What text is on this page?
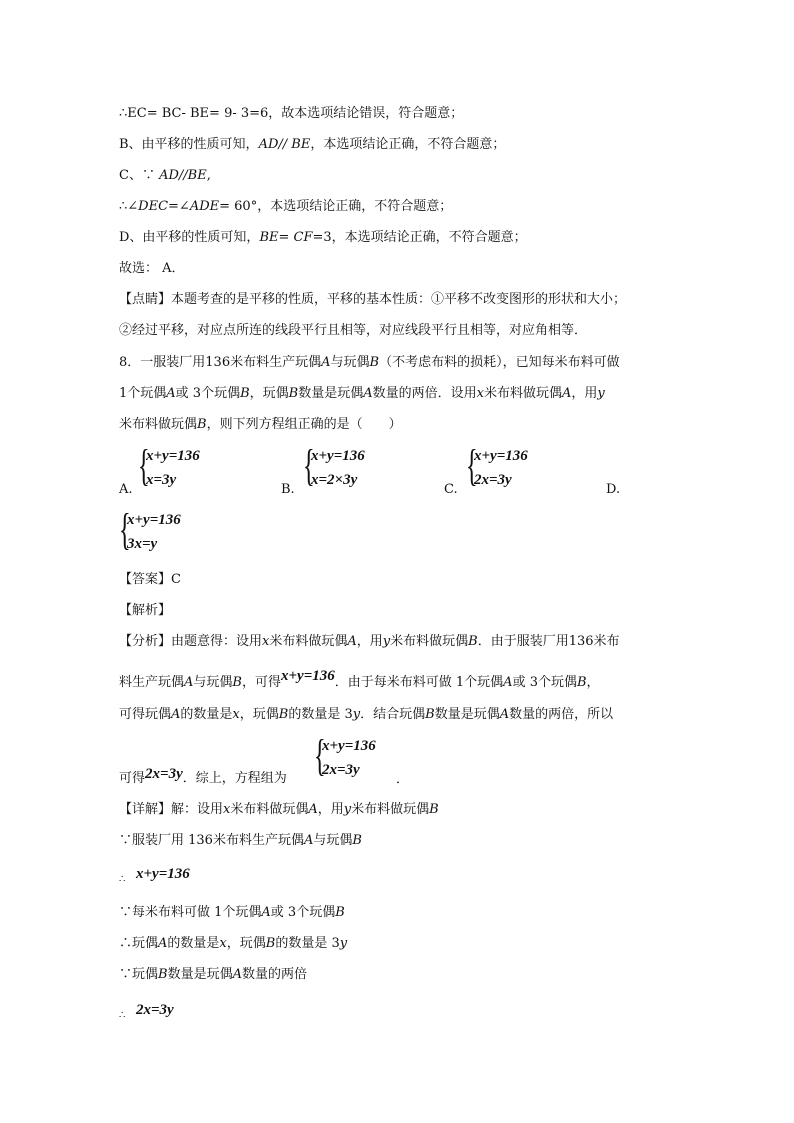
∴EC= BC- BE= 9- 3=6，故本选项结论错误，符合题意；
B、由平移的性质可知，AD// BE，本选项结论正确，不符合题意；
C、∵ AD//BE,
∴∠DEC=∠ADE= 60°，本选项结论正确，不符合题意；
D、由平移的性质可知，BE= CF=3，本选项结论正确，不符合题意；
故选： A．
【点睛】本题考查的是平移的性质，平移的基本性质：①平移不改变图形的形状和大小；
②经过平移，对应点所连的线段平行且相等，对应线段平行且相等，对应角相等．
8．一服装厂用136米布料生产玩偶A与玩偶B（不考虑布料的损耗），已知每米布料可做
1个玩偶A或 3个玩偶B，玩偶B数量是玩偶A数量的两倍．设用x米布料做玩偶A，用y
米布料做玩偶B，则下列方程组正确的是（　　）
A. {
x+y=136
x=3y
B. {
x+y=136
x=2×3y
C. {
x+y=136
2x=3y
D.
{
x+y=136
3x=y
【答案】C
【解析】
【分析】由题意得：设用x米布料做玩偶A，用y米布料做玩偶B．由于服装厂用136米布
料生产玩偶A与玩偶B，可得x+y=136．由于每米布料可做 1个玩偶A或 3个玩偶B，
可得玩偶A的数量是x，玩偶B的数量是 3y．结合玩偶B数量是玩偶A数量的两倍，所以
可得2x=3y．综上，方程组为 {
x+y=136
2x=3y
．
【详解】解：设用x米布料做玩偶A，用y米布料做玩偶B
∵服装厂用 136米布料生产玩偶A与玩偶B
∴ x+y=136
∵每米布料可做 1个玩偶A或 3个玩偶B
∴玩偶A的数量是x，玩偶B的数量是 3y
∵玩偶B数量是玩偶A数量的两倍
∴ 2x=3y
